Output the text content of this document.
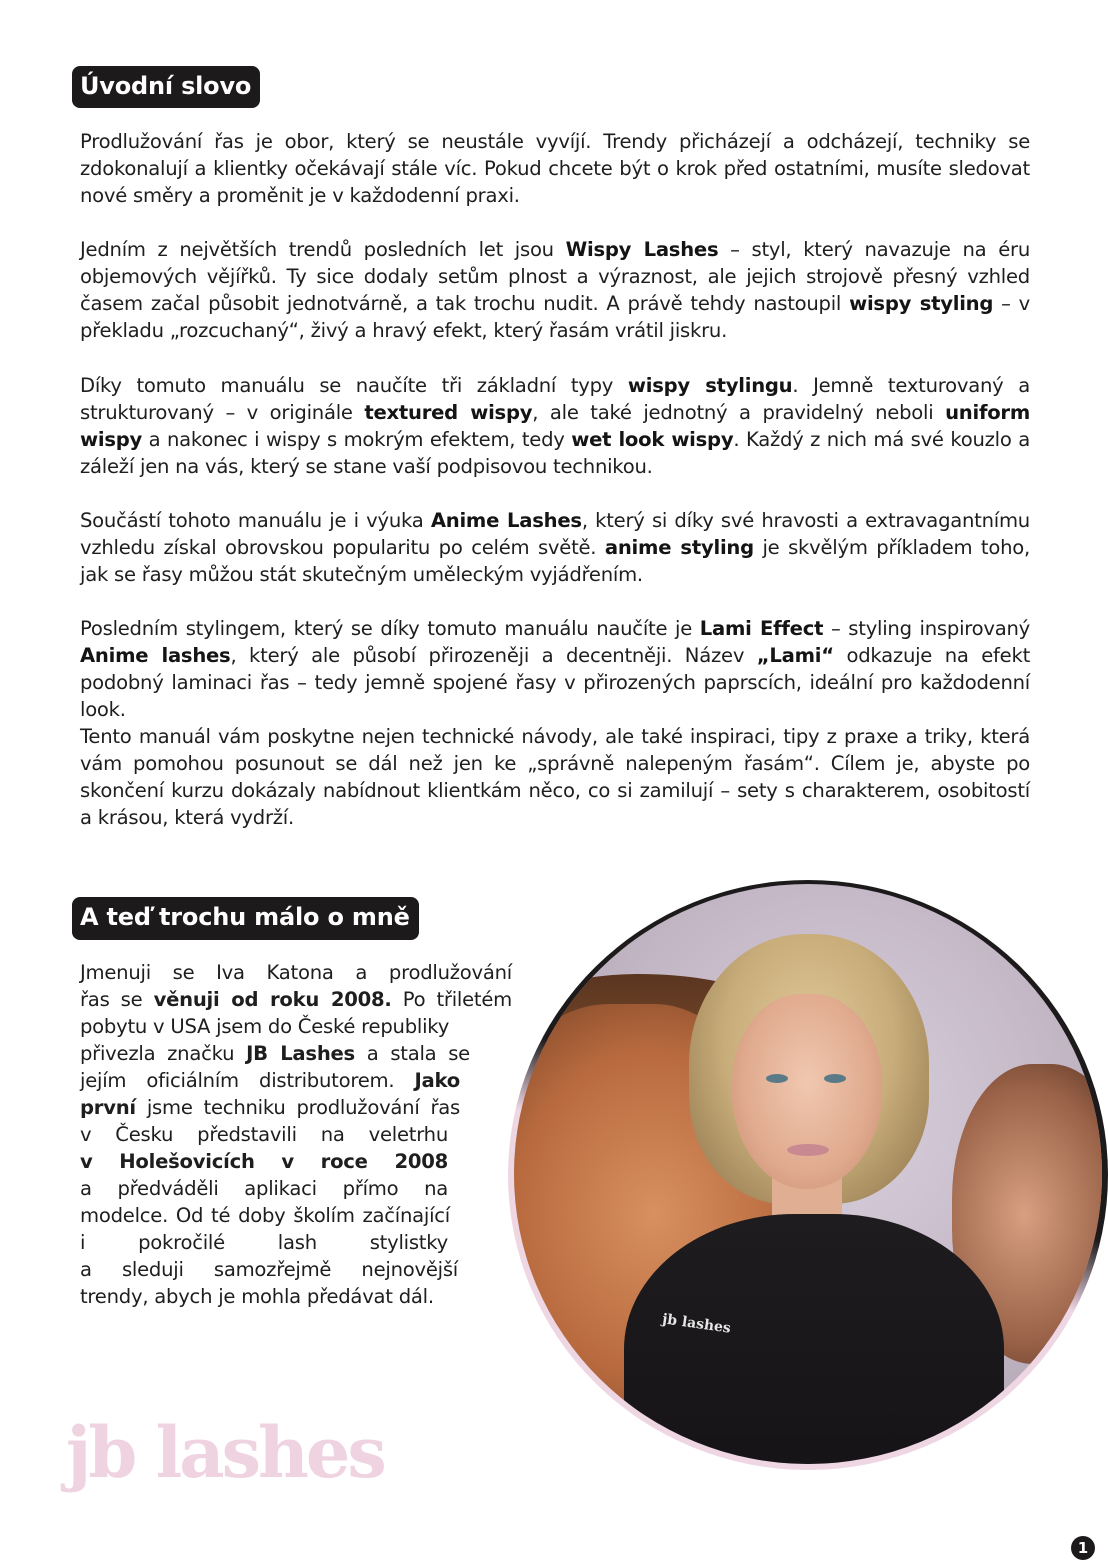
Úvodní slovo

Prodlužování řas je obor, který se neustále vyvíjí. Trendy přicházejí a odcházejí, techniky se zdokonalují a klientky očekávají stále víc. Pokud chcete být o krok před ostatními, musíte sledovat nové směry a proměnit je v každodenní praxi.

Jedním z největších trendů posledních let jsou Wispy Lashes – styl, který navazuje na éru objemových vějířků. Ty sice dodaly setům plnost a výraznost, ale jejich strojově přesný vzhled časem začal působit jednotvárně, a tak trochu nudit. A právě tehdy nastoupil wispy styling – v překladu „rozcuchaný“, živý a hravý efekt, který řasám vrátil jiskru.

Díky tomuto manuálu se naučíte tři základní typy wispy stylingu. Jemně texturovaný a strukturovaný – v originále textured wispy, ale také jednotný a pravidelný neboli uniform wispy a nakonec i wispy s mokrým efektem, tedy wet look wispy. Každý z nich má své kouzlo a záleží jen na vás, který se stane vaší podpisovou technikou.

Součástí tohoto manuálu je i výuka Anime Lashes, který si díky své hravosti a extravagantnímu vzhledu získal obrovskou popularitu po celém světě. anime styling je skvělým příkladem toho, jak se řasy můžou stát skutečným uměleckým vyjádřením.

Posledním stylingem, který se díky tomuto manuálu naučíte je Lami Effect – styling inspirovaný Anime lashes, který ale působí přirozeněji a decentněji. Název „Lami“ odkazuje na efekt podobný laminaci řas – tedy jemně spojené řasy v přirozených paprscích, ideální pro každodenní look.

Tento manuál vám poskytne nejen technické návody, ale také inspiraci, tipy z praxe a triky, která vám pomohou posunout se dál než jen ke „správně nalepeným řasám“. Cílem je, abyste po skončení kurzu dokázaly nabídnout klientkám něco, co si zamilují – sety s charakterem, osobitostí a krásou, která vydrží.

A teď trochu málo o mně
Jmenuji se Iva Katona a prodlužování
řas se věnuji od roku 2008. Po třiletém
pobytu v USA jsem do České republiky
přivezla značku JB Lashes a stala se
jejím oficiálním distributorem. Jako
první jsme techniku prodlužování řas
v Česku představili na veletrhu
v Holešovicích v roce 2008
a předváděli aplikaci přímo na
modelce. Od té doby školím začínající
i pokročilé lash stylistky
a sleduji samozřejmě nejnovější
trendy, abych je mohla předávat dál.
jb lashes
jb lashes
1
